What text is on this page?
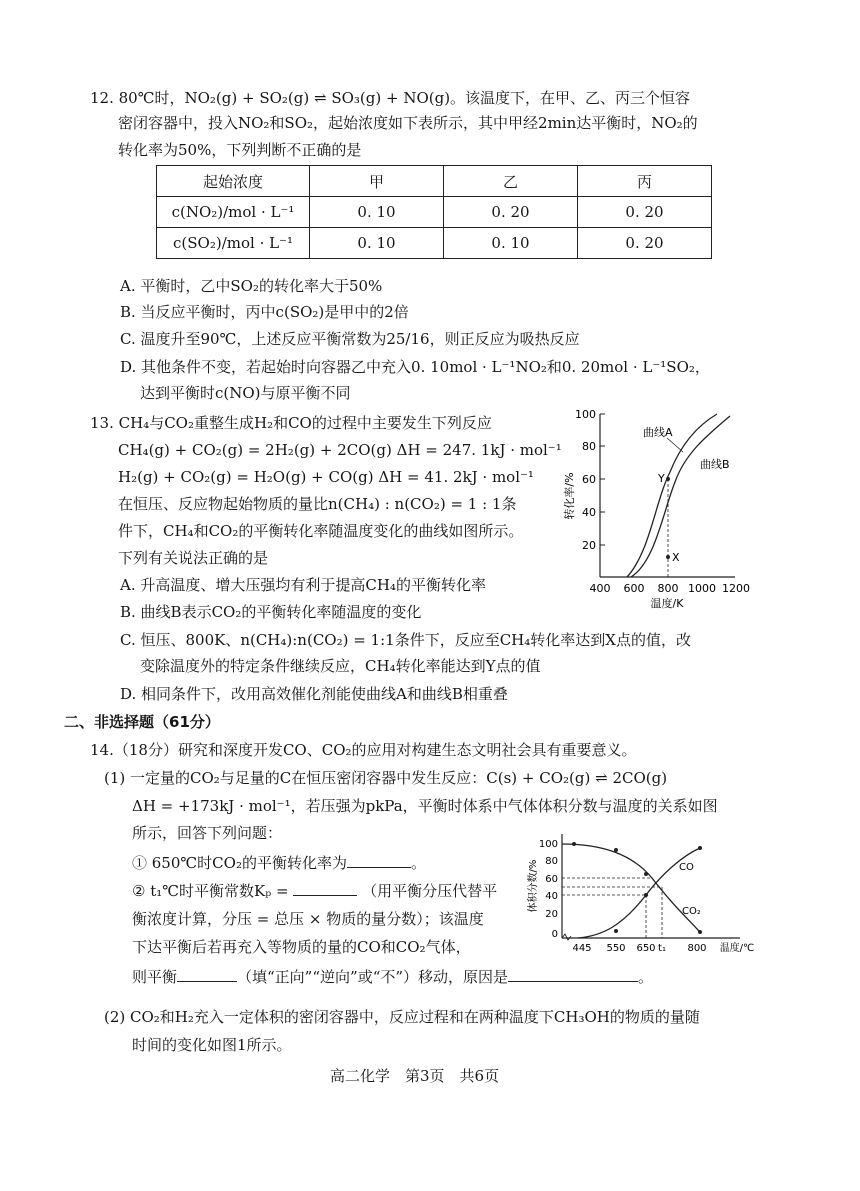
12. 80℃时，NO₂(g) + SO₂(g) ⇌ SO₃(g) + NO(g)。该温度下，在甲、乙、丙三个恒容
密闭容器中，投入NO₂和SO₂，起始浓度如下表所示，其中甲经2min达平衡时，NO₂的
转化率为50%，下列判断不正确的是
起始浓度	甲	乙	丙
c(NO₂)/mol · L⁻¹	0. 10	0. 20	0. 20
c(SO₂)/mol · L⁻¹	0. 10	0. 10	0. 20
A. 平衡时，乙中SO₂的转化率大于50%
B. 当反应平衡时，丙中c(SO₂)是甲中的2倍
C. 温度升至90℃，上述反应平衡常数为25/16，则正反应为吸热反应
D. 其他条件不变，若起始时向容器乙中充入0. 10mol · L⁻¹NO₂和0. 20mol · L⁻¹SO₂，
达到平衡时c(NO)与原平衡不同
13. CH₄与CO₂重整生成H₂和CO的过程中主要发生下列反应
CH₄(g) + CO₂(g) = 2H₂(g) + 2CO(g) ΔH = 247. 1kJ · mol⁻¹
H₂(g) + CO₂(g) = H₂O(g) + CO(g) ΔH = 41. 2kJ · mol⁻¹
在恒压、反应物起始物质的量比n(CH₄) : n(CO₂) = 1 : 1条
件下，CH₄和CO₂的平衡转化率随温度变化的曲线如图所示。
下列有关说法正确的是
A. 升高温度、增大压强均有利于提高CH₄的平衡转化率
B. 曲线B表示CO₂的平衡转化率随温度的变化
C. 恒压、800K、n(CH₄):n(CO₂) = 1:1条件下，反应至CH₄转化率达到X点的值，改
变除温度外的特定条件继续反应，CH₄转化率能达到Y点的值
D. 相同条件下，改用高效催化剂能使曲线A和曲线B相重叠
100
80
60
40
20
400 600 800 1000 1200
温度/K
转化率/%
曲线A
曲线B
Y
X
二、非选择题（61分）
14.（18分）研究和深度开发CO、CO₂的应用对构建生态文明社会具有重要意义。
(1) 一定量的CO₂与足量的C在恒压密闭容器中发生反应：C(s) + CO₂(g) ⇌ 2CO(g)
ΔH = +173kJ · mol⁻¹，若压强为pkPa，平衡时体系中气体体积分数与温度的关系如图
所示，回答下列问题：
① 650℃时CO₂的平衡转化率为	。
② t₁℃时平衡常数Kₚ =	（用平衡分压代替平
衡浓度计算，分压 = 总压 × 物质的量分数）；该温度
下达平衡后若再充入等物质的量的CO和CO₂气体，
则平衡	（填“正向”“逆向”或“不”）移动，原因是	。
100
80
60
40
20
0
体积分数/%
445 550 650 t₁ 800 温度/℃
CO
CO₂
(2) CO₂和H₂充入一定体积的密闭容器中，反应过程和在两种温度下CH₃OH的物质的量随
时间的变化如图1所示。
高二化学　第3页　共6页
